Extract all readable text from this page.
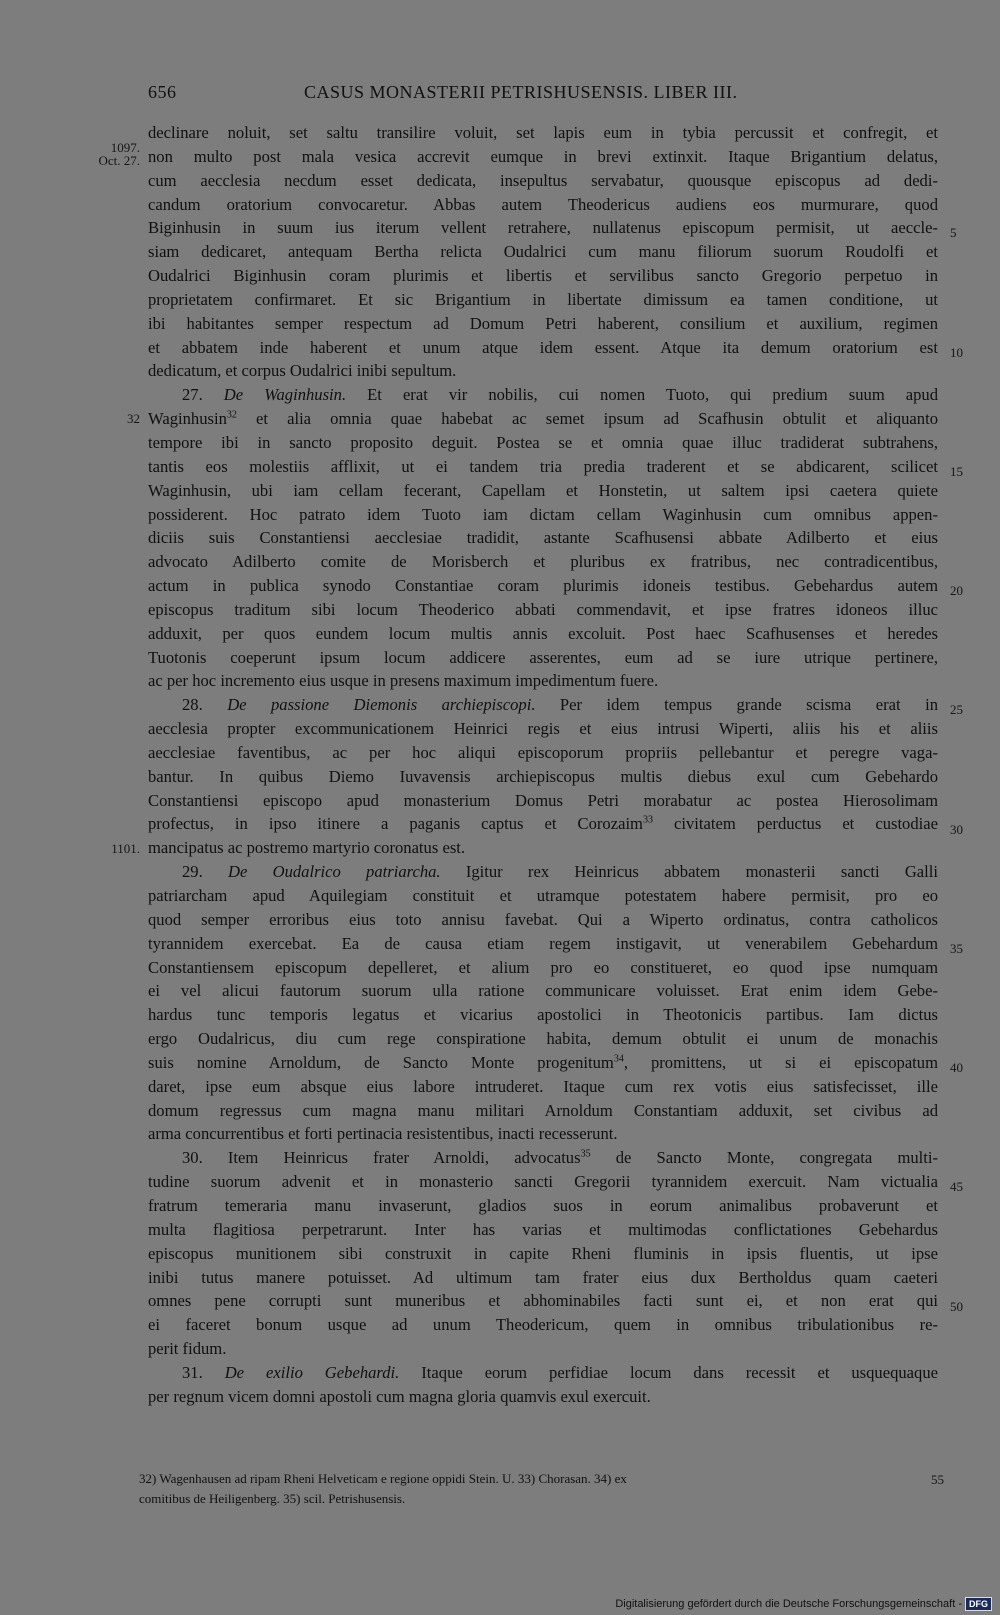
656	CASUS MONASTERII PETRISHUSENSIS. LIBER III.
declinare noluit, set saltu transilire voluit, set lapis eum in tybia percussit et confregit, et
non multo post mala vesica accrevit eumque in brevi extinxit. Itaque Brigantium delatus,
1097. Oct. 27.
cum aecclesia necdum esset dedicata, insepultus servabatur, quousque episcopus ad dedi-
candum oratorium convocaretur. Abbas autem Theodericus audiens eos murmurare, quod
Biginhusin in suum ius iterum vellent retrahere, nullatenus episcopum permisit, ut aeccle- 5
siam dedicaret, antequam Bertha relicta Oudalrici cum manu filiorum suorum Roudolfi et
Oudalrici Biginhusin coram plurimis et libertis et servilibus sancto Gregorio perpetuo in
proprietatem confirmaret. Et sic Brigantium in libertate dimissum ea tamen conditione, ut
ibi habitantes semper respectum ad Domum Petri haberent, consilium et auxilium, regimen
et abbatem inde haberent et unum atque idem essent. Atque ita demum oratorium est 10
dedicatum, et corpus Oudalrici inibi sepultum.
27. De Waginhusin. Et erat vir nobilis, cui nomen Tuoto, qui predium suum apud
Waginhusin$^{32}$ et alia omnia quae habebat ac semet ipsum ad Scafhusin obtulit et aliquanto
32
tempore ibi in sancto proposito deguit. Postea se et omnia quae illuc tradiderat subtrahens,
tantis eos molestiis afflixit, ut ei tandem tria predia traderent et se abdicarent, scilicet 15
Waginhusin, ubi iam cellam fecerant, Capellam et Honstetin, ut saltem ipsi caetera quiete
possiderent. Hoc patrato idem Tuoto iam dictam cellam Waginhusin cum omnibus appen-
diciis suis Constantiensi aecclesiae tradidit, astante Scafhusensi abbate Adilberto et eius
advocato Adilberto comite de Morisberch et pluribus ex fratribus, nec contradicentibus,
actum in publica synodo Constantiae coram plurimis idoneis testibus. Gebehardus autem 20
episcopus traditum sibi locum Theoderico abbati commendavit, et ipse fratres idoneos illuc
adduxit, per quos eundem locum multis annis excoluit. Post haec Scafhusenses et heredes
Tuotonis coeperunt ipsum locum addicere asserentes, eum ad se iure utrique pertinere,
ac per hoc incremento eius usque in presens maximum impedimentum fuere.
28. De passione Diemonis archiepiscopi. Per idem tempus grande scisma erat in 25
aecclesia propter excommunicationem Heinrici regis et eius intrusi Wiperti, aliis his et aliis
aecclesiae faventibus, ac per hoc aliqui episcoporum propriis pellebantur et peregre vaga-
bantur. In quibus Diemo Iuvavensis archiepiscopus multis diebus exul cum Gebehardo
Constantiensi episcopo apud monasterium Domus Petri morabatur ac postea Hierosolimam
profectus, in ipso itinere a paganis captus et Corozaim$^{33}$ civitatem perductus et custodiae 30
mancipatus ac postremo martyrio coronatus est.
1101.
29. De Oudalrico patriarcha. Igitur rex Heinricus abbatem monasterii sancti Galli
patriarcham apud Aquilegiam constituit et utramque potestatem habere permisit, pro eo
quod semper erroribus eius toto annisu favebat. Qui a Wiperto ordinatus, contra catholicos
tyrannidem exercebat. Ea de causa etiam regem instigavit, ut venerabilem Gebehardum 35
Constantiensem episcopum depelleret, et alium pro eo constitueret, eo quod ipse numquam
ei vel alicui fautorum suorum ulla ratione communicare voluisset. Erat enim idem Gebe-
hardus tunc temporis legatus et vicarius apostolici in Theotonicis partibus. Iam dictus
ergo Oudalricus, diu cum rege conspiratione habita, demum obtulit ei unum de monachis
suis nomine Arnoldum, de Sancto Monte progenitum$^{34}$, promittens, ut si ei episcopatum 40
daret, ipse eum absque eius labore intruderet. Itaque cum rex votis eius satisfecisset, ille
domum regressus cum magna manu militari Arnoldum Constantiam adduxit, set civibus ad
arma concurrentibus et forti pertinacia resistentibus, inacti recesserunt.
30. Item Heinricus frater Arnoldi, advocatus$^{35}$ de Sancto Monte, congregata multi-
tudine suorum advenit et in monasterio sancti Gregorii tyrannidem exercuit. Nam victualia 45
fratrum temeraria manu invaserunt, gladios suos in eorum animalibus probaverunt et
multa flagitiosa perpetrarunt. Inter has varias et multimodas conflictationes Gebehardus
episcopus munitionem sibi construxit in capite Rheni fluminis in ipsis fluentis, ut ipse
inibi tutus manere potuisset. Ad ultimum tam frater eius dux Bertholdus quam caeteri
omnes pene corrupti sunt muneribus et abhominabiles facti sunt ei, et non erat qui 50
ei faceret bonum usque ad unum Theodericum, quem in omnibus tribulationibus re-
perit fidum.
31. De exilio Gebehardi. Itaque eorum perfidiae locum dans recessit et usquequaque
per regnum vicem domni apostoli cum magna gloria quamvis exul exercuit.
32) Wagenhausen ad ripam Rheni Helveticam e regione oppidi Stein. U. 33) Chorasan. 34) ex	55
comitibus de Heiligenberg. 35) scil. Petrishusensis.
Digitalisierung gefördert durch die Deutsche Forschungsgemeinschaft - DFG
